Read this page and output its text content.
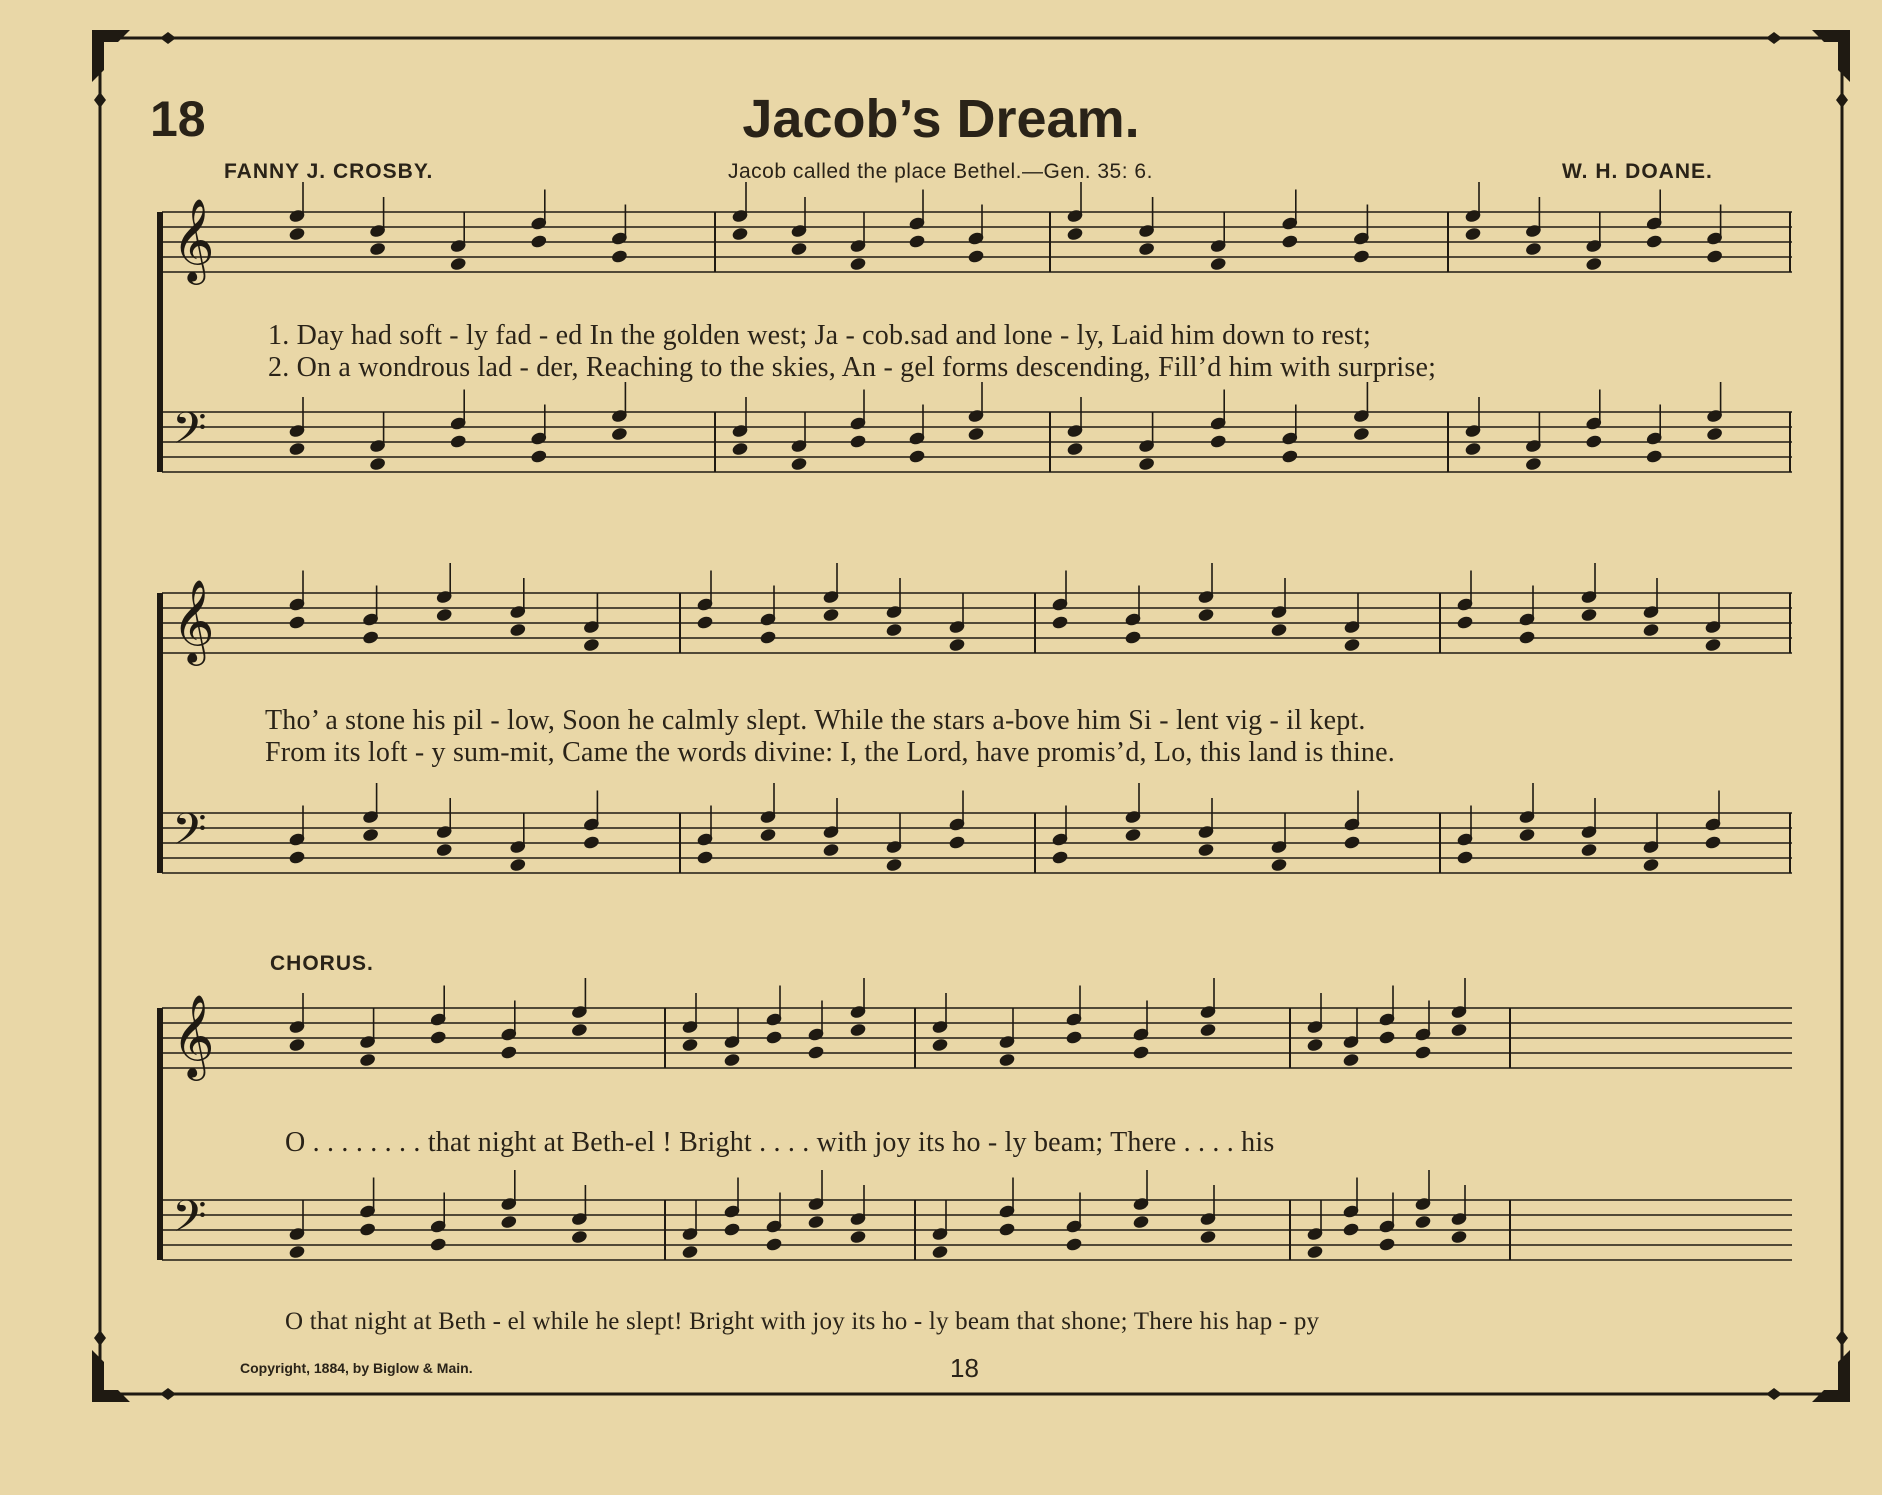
18	Jacob’s Dream.
FANNY J. CROSBY.	Jacob called the place Bethel.—Gen. 35: 6.	W. H. DOANE.
𝄞
𝄢
𝄞
𝄢
𝄞
𝄢
1. Day had soft - ly fad - ed In the golden west; Ja - cob.sad and lone - ly, Laid him down to rest;
2. On a wondrous lad - der, Reaching to the skies, An - gel forms descending, Fill’d him with surprise;
Tho’ a stone his pil - low, Soon he calmly slept. While the stars a-bove him Si - lent vig - il kept.
From its loft - y sum-mit, Came the words divine: I, the Lord, have promis’d, Lo, this land is thine.
CHORUS.
O . . . . . . . . that night at Beth-el ! Bright . . . . with joy its ho - ly beam; There . . . . his
O that night at Beth - el while he slept! Bright with joy its ho - ly beam that shone; There his hap - py
Copyright, 1884, by Biglow & Main.	18
